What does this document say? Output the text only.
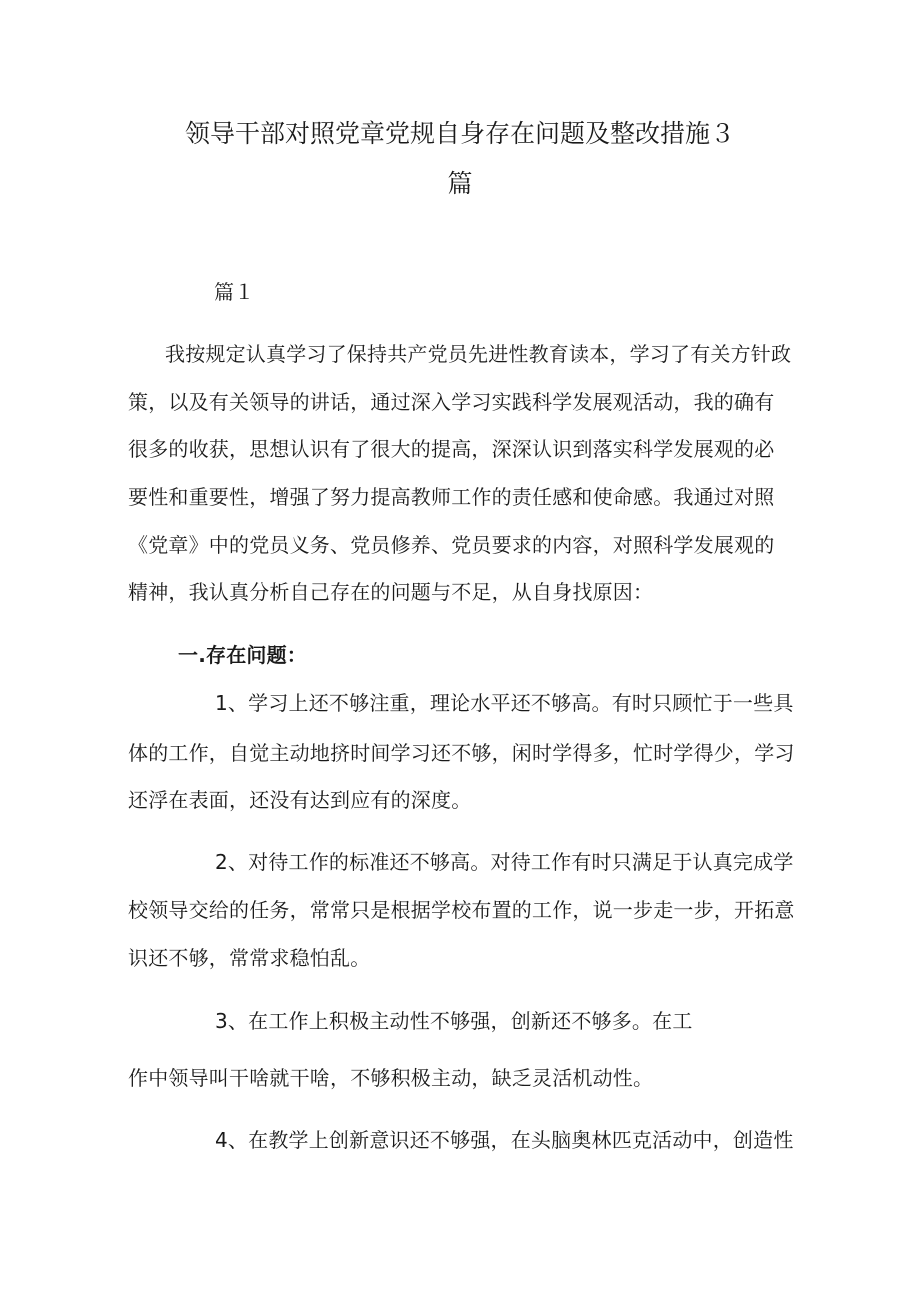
领导干部对照党章党规自身存在问题及整改措施３
篇
篇１
我按规定认真学习了保持共产党员先进性教育读本，学习了有关方针政
策，以及有关领导的讲话，通过深入学习实践科学发展观活动，我的确有
很多的收获，思想认识有了很大的提高，深深认识到落实科学发展观的必
要性和重要性，增强了努力提高教师工作的责任感和使命感。我通过对照
《党章》中的党员义务、党员修养、党员要求的内容，对照科学发展观的
精神，我认真分析自己存在的问题与不足，从自身找原因：
一.存在问题：
1、学习上还不够注重，理论水平还不够高。有时只顾忙于一些具
体的工作，自觉主动地挤时间学习还不够，闲时学得多，忙时学得少，学习
还浮在表面，还没有达到应有的深度。
2、对待工作的标准还不够高。对待工作有时只满足于认真完成学
校领导交给的任务，常常只是根据学校布置的工作，说一步走一步，开拓意
识还不够，常常求稳怕乱。
3、在工作上积极主动性不够强，创新还不够多。在工
作中领导叫干啥就干啥，不够积极主动，缺乏灵活机动性。
4、在教学上创新意识还不够强，在头脑奥林匹克活动中，创造性
